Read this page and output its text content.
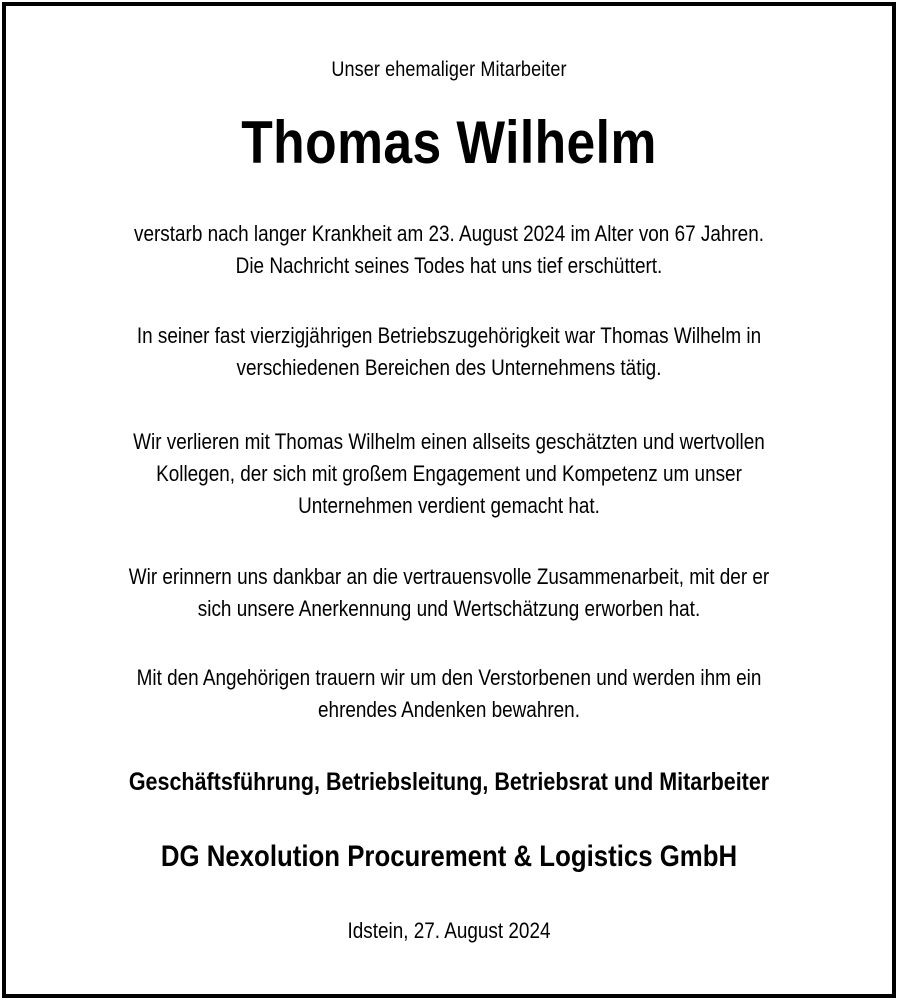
Unser ehemaliger Mitarbeiter
Thomas Wilhelm

verstarb nach langer Krankheit am 23. August 2024 im Alter von 67 Jahren.

Die Nachricht seines Todes hat uns tief erschüttert.

In seiner fast vierzigjährigen Betriebszugehörigkeit war Thomas Wilhelm in

verschiedenen Bereichen des Unternehmens tätig.

Wir verlieren mit Thomas Wilhelm einen allseits geschätzten und wertvollen

Kollegen, der sich mit großem Engagement und Kompetenz um unser

Unternehmen verdient gemacht hat.

Wir erinnern uns dankbar an die vertrauensvolle Zusammenarbeit, mit der er

sich unsere Anerkennung und Wertschätzung erworben hat.

Mit den Angehörigen trauern wir um den Verstorbenen und werden ihm ein

ehrendes Andenken bewahren.

Geschäftsführung, Betriebsleitung, Betriebsrat und Mitarbeiter
DG Nexolution Procurement & Logistics GmbH
Idstein, 27. August 2024
